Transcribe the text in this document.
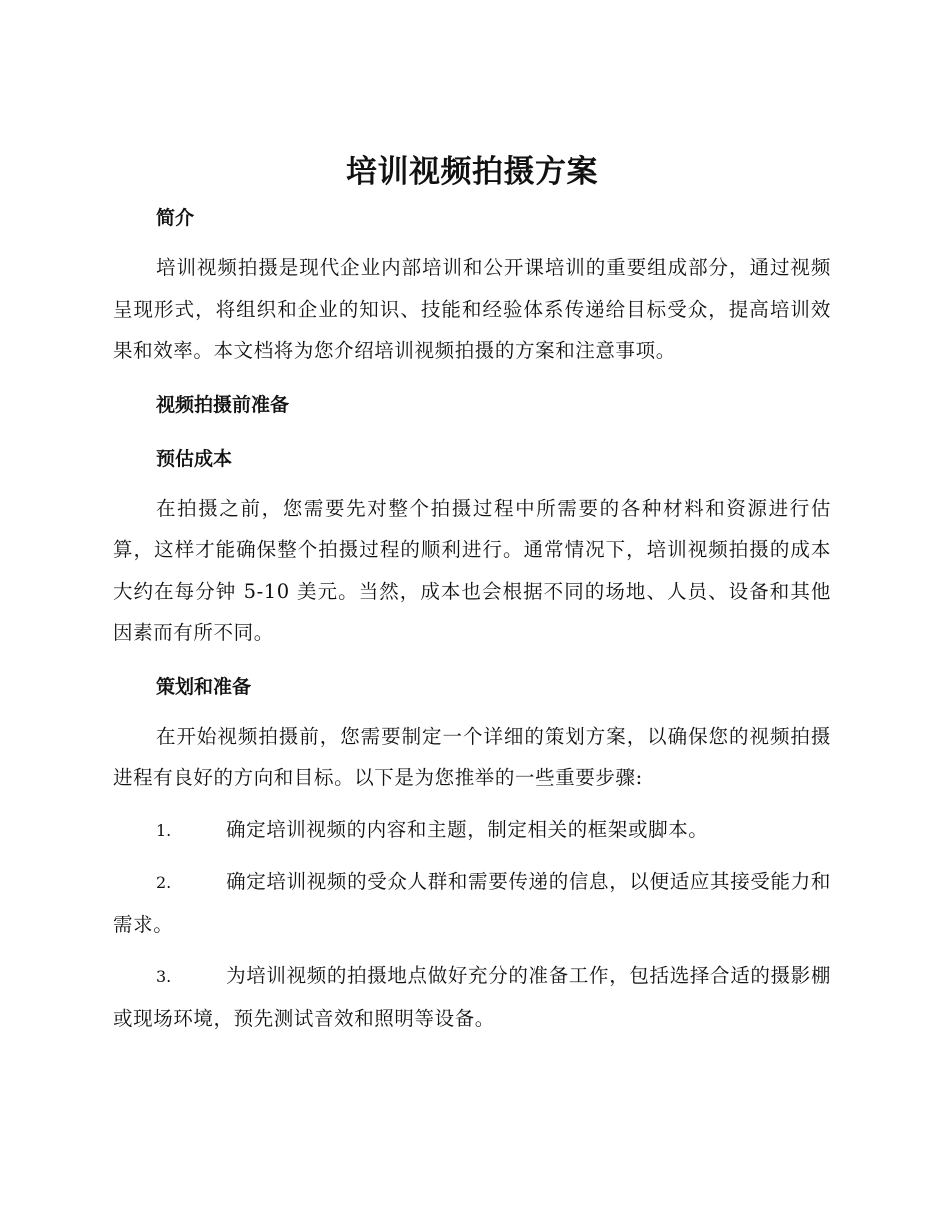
培训视频拍摄方案
简介

培训视频拍摄是现代企业内部培训和公开课培训的重要组成部分，通过视频呈现形式，将组织和企业的知识、技能和经验体系传递给目标受众，提高培训效果和效率。本文档将为您介绍培训视频拍摄的方案和注意事项。

视频拍摄前准备
预估成本

在拍摄之前，您需要先对整个拍摄过程中所需要的各种材料和资源进行估算，这样才能确保整个拍摄过程的顺利进行。通常情况下，培训视频拍摄的成本大约在每分钟 5-10 美元。当然，成本也会根据不同的场地、人员、设备和其他因素而有所不同。

策划和准备

在开始视频拍摄前，您需要制定一个详细的策划方案，以确保您的视频拍摄进程有良好的方向和目标。以下是为您推举的一些重要步骤:

1.	确定培训视频的内容和主题，制定相关的框架或脚本。

2.	确定培训视频的受众人群和需要传递的信息，以便适应其接受能力和需求。

3.	为培训视频的拍摄地点做好充分的准备工作，包括选择合适的摄影棚或现场环境，预先测试音效和照明等设备。
